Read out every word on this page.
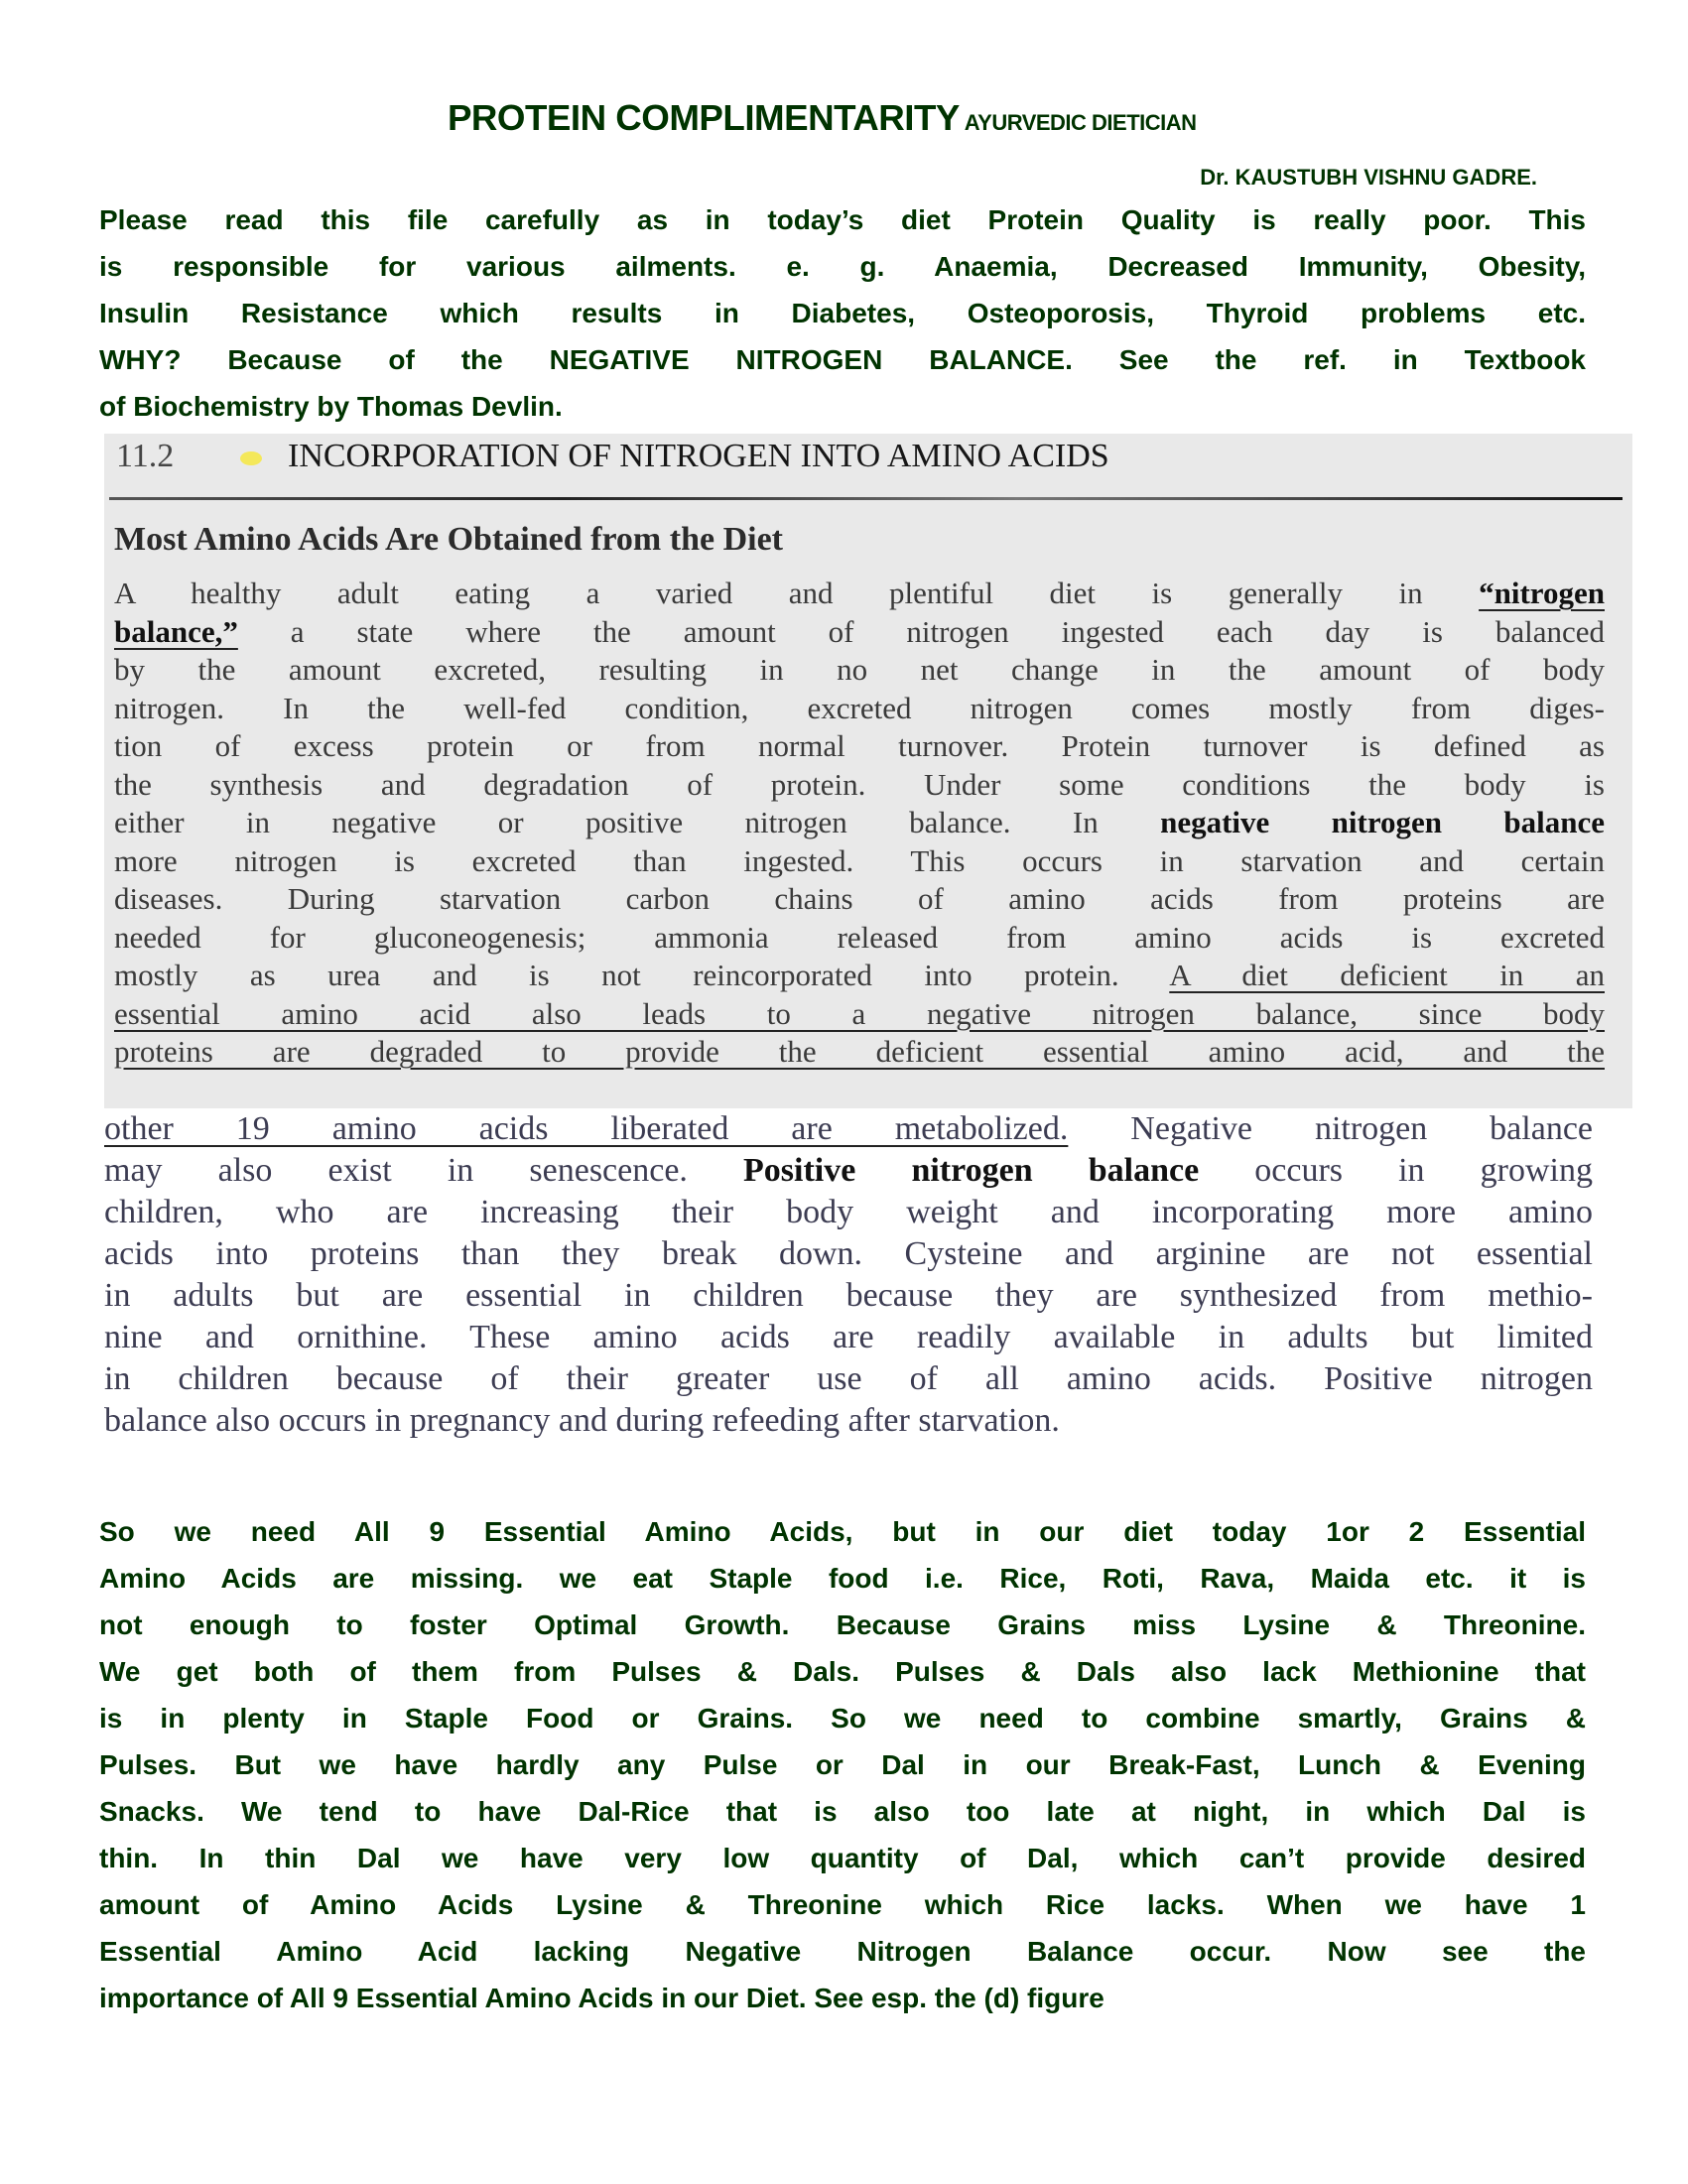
PROTEIN COMPLIMENTARITY AYURVEDIC DIETICIAN
Dr. KAUSTUBH VISHNU GADRE.
Please read this file carefully as in today’s diet Protein Quality is really poor. This
is responsible for various ailments. e. g. Anaemia, Decreased Immunity, Obesity,
Insulin Resistance which results in Diabetes, Osteoporosis, Thyroid problems etc.
WHY? Because of the NEGATIVE NITROGEN BALANCE. See the ref. in Textbook
of Biochemistry by Thomas Devlin.
11.2	INCORPORATION OF NITROGEN INTO AMINO ACIDS
Most Amino Acids Are Obtained from the Diet
A healthy adult eating a varied and plentiful diet is generally in “nitrogen
balance,” a state where the amount of nitrogen ingested each day is balanced
by the amount excreted, resulting in no net change in the amount of body
nitrogen. In the well-fed condition, excreted nitrogen comes mostly from diges-
tion of excess protein or from normal turnover. Protein turnover is defined as
the synthesis and degradation of protein. Under some conditions the body is
either in negative or positive nitrogen balance. In negative nitrogen balance
more nitrogen is excreted than ingested. This occurs in starvation and certain
diseases. During starvation carbon chains of amino acids from proteins are
needed for gluconeogenesis; ammonia released from amino acids is excreted
mostly as urea and is not reincorporated into protein. A diet deficient in an
essential amino acid also leads to a negative nitrogen balance, since body
proteins are degraded to provide the deficient essential amino acid, and the
other 19 amino acids liberated are metabolized. Negative nitrogen balance
may also exist in senescence. Positive nitrogen balance occurs in growing
children, who are increasing their body weight and incorporating more amino
acids into proteins than they break down. Cysteine and arginine are not essential
in adults but are essential in children because they are synthesized from methio-
nine and ornithine. These amino acids are readily available in adults but limited
in children because of their greater use of all amino acids. Positive nitrogen
balance also occurs in pregnancy and during refeeding after starvation.
So we need All 9 Essential Amino Acids, but in our diet today 1or 2 Essential
Amino Acids are missing. we eat Staple food i.e. Rice, Roti, Rava, Maida etc. it is
not enough to foster Optimal Growth. Because Grains miss Lysine & Threonine.
We get both of them from Pulses & Dals. Pulses & Dals also lack Methionine that
is in plenty in Staple Food or Grains. So we need to combine smartly, Grains &
Pulses. But we have hardly any Pulse or Dal in our Break-Fast, Lunch & Evening
Snacks. We tend to have Dal-Rice that is also too late at night, in which Dal is
thin. In thin Dal we have very low quantity of Dal, which can’t provide desired
amount of Amino Acids Lysine & Threonine which Rice lacks. When we have 1
Essential Amino Acid lacking Negative Nitrogen Balance occur. Now see the
importance of All 9 Essential Amino Acids in our Diet. See esp. the (d) figure
